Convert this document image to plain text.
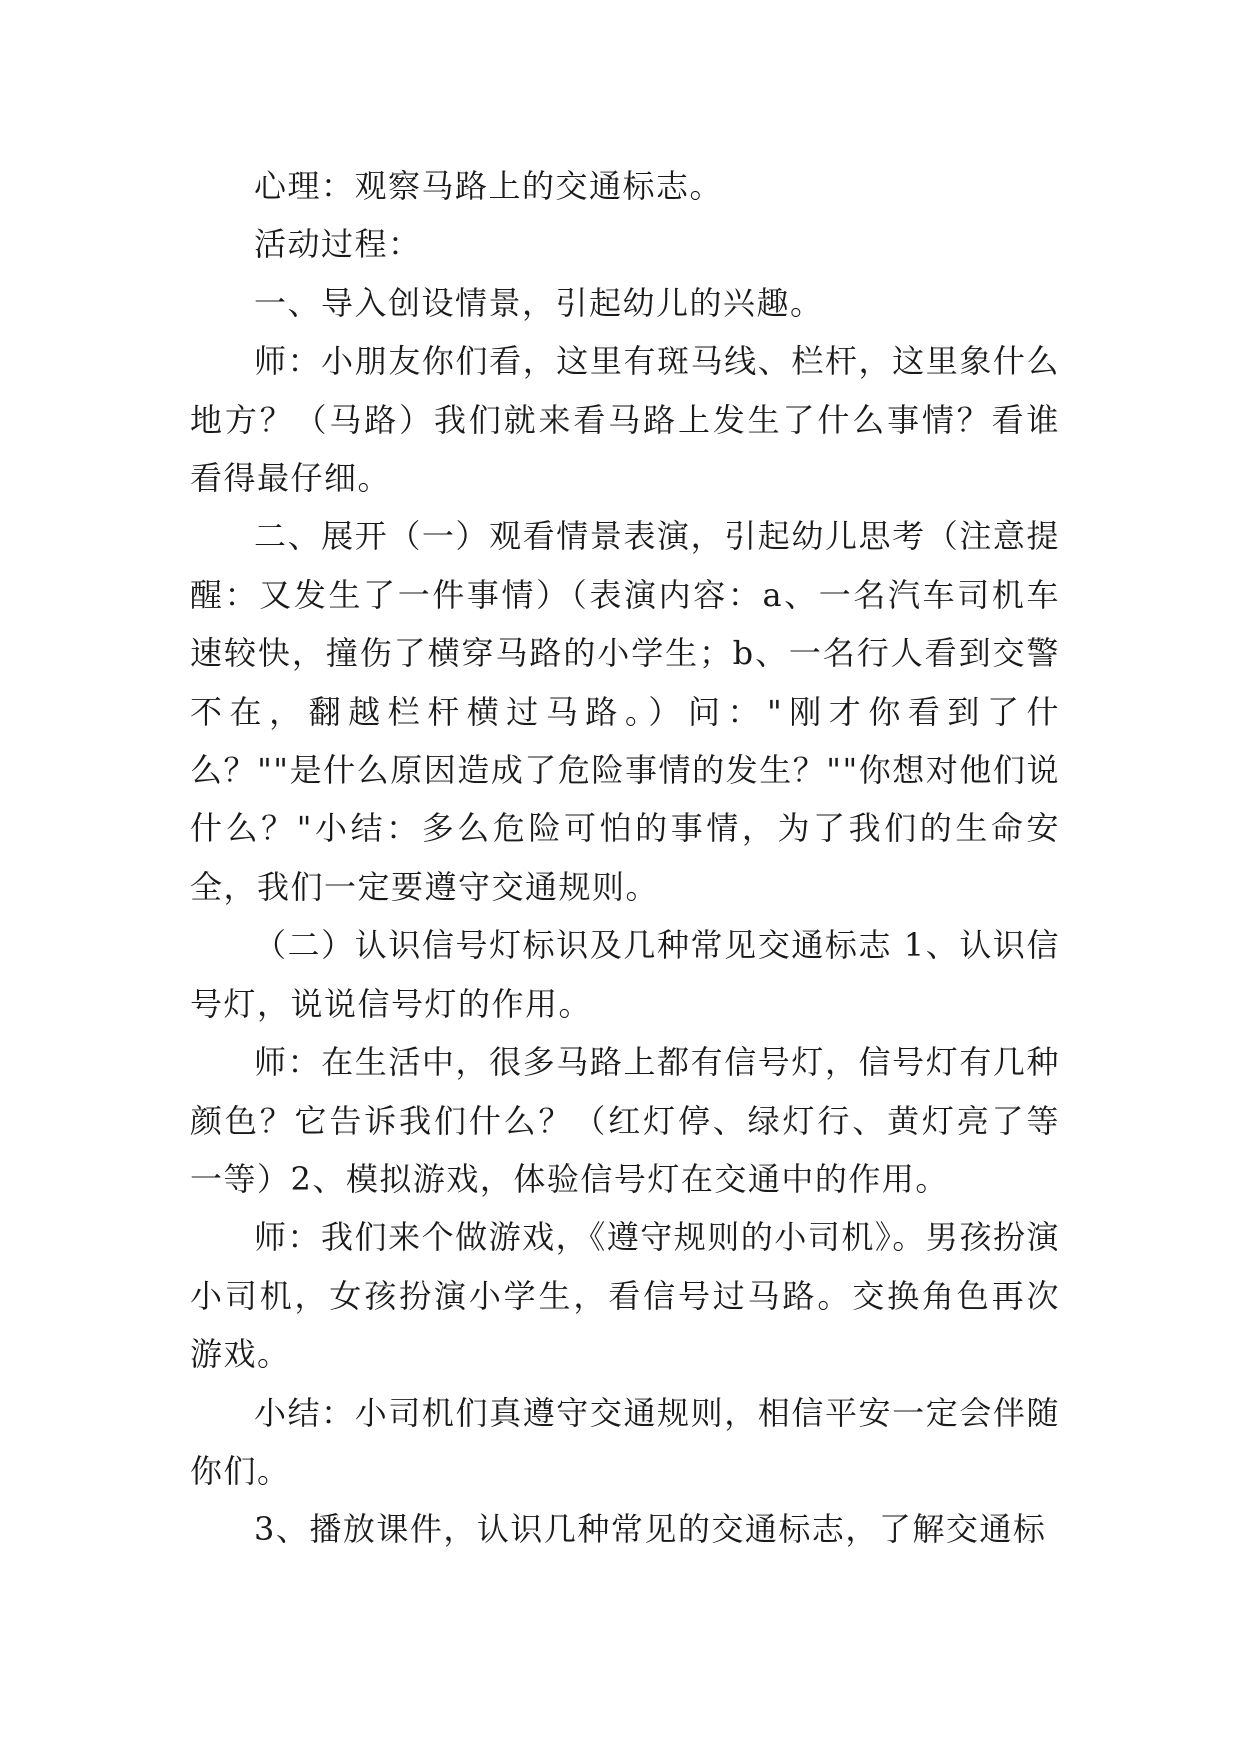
心理：观察马路上的交通标志。

活动过程：

一、导入创设情景，引起幼儿的兴趣。

师：小朋友你们看，这里有斑马线、栏杆，这里象什么地方？（马路）我们就来看马路上发生了什么事情？看谁看得最仔细。

二、展开（一）观看情景表演，引起幼儿思考（注意提醒：又发生了一件事情）（表演内容：a、一名汽车司机车速较快，撞伤了横穿马路的小学生；b、一名行人看到交警不在，翻越栏杆横过马路。）问："刚才你看到了什么？""是什么原因造成了危险事情的发生？""你想对他们说什么？"小结：多么危险可怕的事情，为了我们的生命安全，我们一定要遵守交通规则。

（二）认识信号灯标识及几种常见交通标志 1、认识信号灯，说说信号灯的作用。

师：在生活中，很多马路上都有信号灯，信号灯有几种颜色？它告诉我们什么？（红灯停、绿灯行、黄灯亮了等一等）2、模拟游戏，体验信号灯在交通中的作用。

师：我们来个做游戏，《遵守规则的小司机》。男孩扮演小司机，女孩扮演小学生，看信号过马路。交换角色再次游戏。

小结：小司机们真遵守交通规则，相信平安一定会伴随你们。

3、播放课件，认识几种常见的交通标志，了解交通标
